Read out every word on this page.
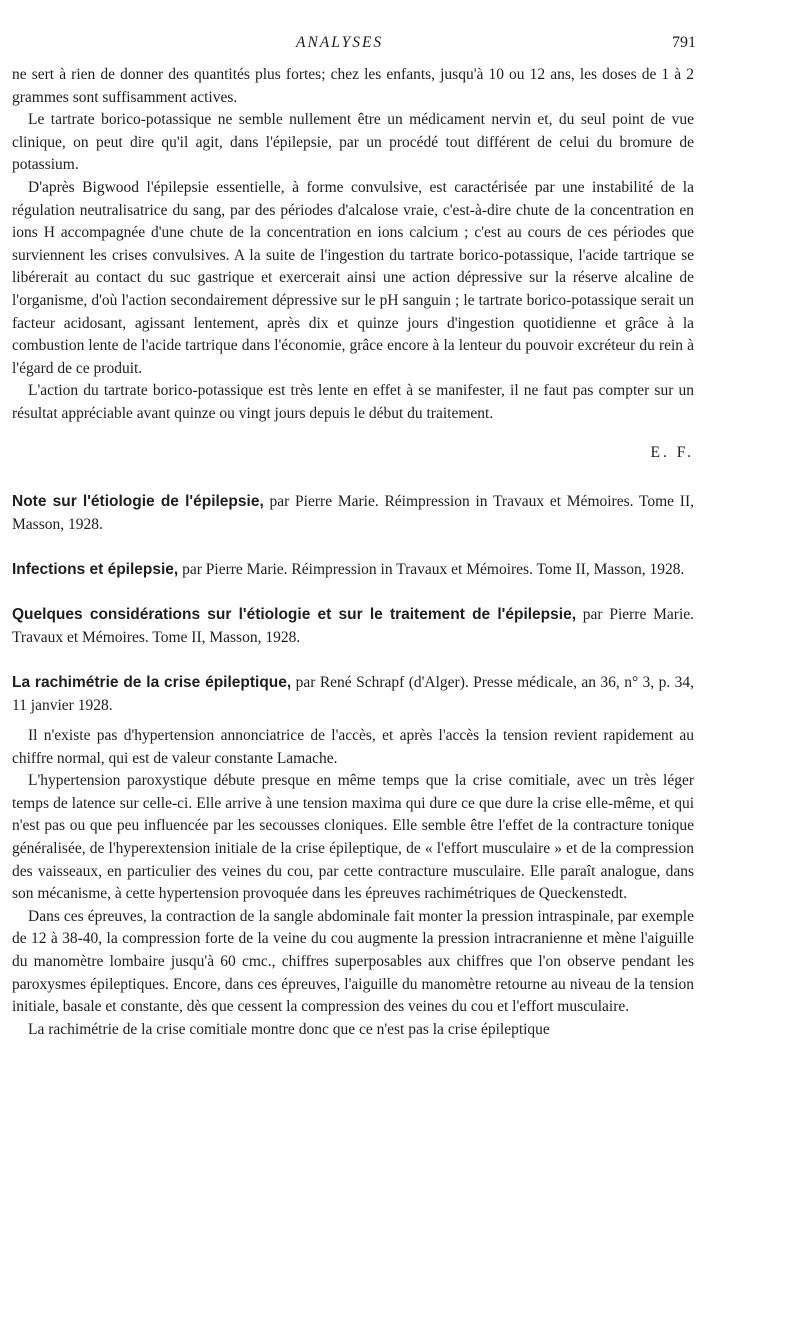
ANALYSES	791

ne sert à rien de donner des quantités plus fortes; chez les enfants, jusqu'à 10 ou 12 ans, les doses de 1 à 2 grammes sont suffisamment actives.

Le tartrate borico-potassique ne semble nullement être un médicament nervin et, du seul point de vue clinique, on peut dire qu'il agit, dans l'épilepsie, par un procédé tout différent de celui du bromure de potassium.

D'après Bigwood l'épilepsie essentielle, à forme convulsive, est caractérisée par une instabilité de la régulation neutralisatrice du sang, par des périodes d'alcalose vraie, c'est-à-dire chute de la concentration en ions H accompagnée d'une chute de la concentration en ions calcium ; c'est au cours de ces périodes que surviennent les crises convulsives. A la suite de l'ingestion du tartrate borico-potassique, l'acide tartrique se libérerait au contact du suc gastrique et exercerait ainsi une action dépressive sur la réserve alcaline de l'organisme, d'où l'action secondairement dépressive sur le pH sanguin ; le tartrate borico-potassique serait un facteur acidosant, agissant lentement, après dix et quinze jours d'ingestion quotidienne et grâce à la combustion lente de l'acide tartrique dans l'économie, grâce encore à la lenteur du pouvoir excréteur du rein à l'égard de ce produit.

L'action du tartrate borico-potassique est très lente en effet à se manifester, il ne faut pas compter sur un résultat appréciable avant quinze ou vingt jours depuis le début du traitement.

E. F.
Note sur l'étiologie de l'épilepsie, par Pierre Marie. Réimpression in Travaux et Mémoires. Tome II, Masson, 1928.
Infections et épilepsie, par Pierre Marie. Réimpression in Travaux et Mémoires. Tome II, Masson, 1928.
Quelques considérations sur l'étiologie et sur le traitement de l'épilepsie, par Pierre Marie. Travaux et Mémoires. Tome II, Masson, 1928.
La rachimétrie de la crise épileptique, par René Schrapf (d'Alger). Presse médicale, an 36, n° 3, p. 34, 11 janvier 1928.

Il n'existe pas d'hypertension annonciatrice de l'accès, et après l'accès la tension revient rapidement au chiffre normal, qui est de valeur constante Lamache.

L'hypertension paroxystique débute presque en même temps que la crise comitiale, avec un très léger temps de latence sur celle-ci. Elle arrive à une tension maxima qui dure ce que dure la crise elle-même, et qui n'est pas ou que peu influencée par les secousses cloniques. Elle semble être l'effet de la contracture tonique généralisée, de l'hyperextension initiale de la crise épileptique, de « l'effort musculaire » et de la compression des vaisseaux, en particulier des veines du cou, par cette contracture musculaire. Elle paraît analogue, dans son mécanisme, à cette hypertension provoquée dans les épreuves rachimétriques de Queckenstedt.

Dans ces épreuves, la contraction de la sangle abdominale fait monter la pression intraspinale, par exemple de 12 à 38-40, la compression forte de la veine du cou augmente la pression intracranienne et mène l'aiguille du manomètre lombaire jusqu'à 60 cmc., chiffres superposables aux chiffres que l'on observe pendant les paroxysmes épileptiques. Encore, dans ces épreuves, l'aiguille du manomètre retourne au niveau de la tension initiale, basale et constante, dès que cessent la compression des veines du cou et l'effort musculaire.

La rachimétrie de la crise comitiale montre donc que ce n'est pas la crise épileptique
